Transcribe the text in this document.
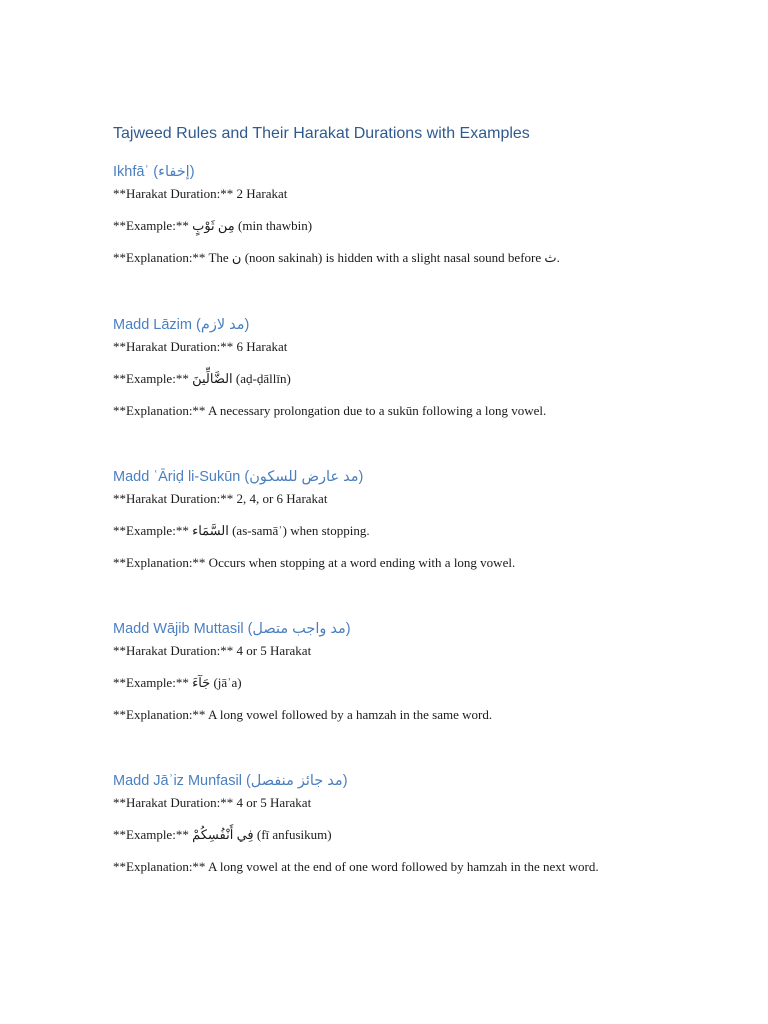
Tajweed Rules and Their Harakat Durations with Examples
Ikhfāʾ (إخفاء)
**Harakat Duration:** 2 Harakat
**Example:** مِن ثَوْبٍ (min thawbin)
**Explanation:** The ن (noon sakinah) is hidden with a slight nasal sound before ث.
Madd Lāzim (مد لازم)
**Harakat Duration:** 6 Harakat
**Example:** الضَّالِّينَ (aḍ-ḍāllīn)
**Explanation:** A necessary prolongation due to a sukūn following a long vowel.
Madd ʿĀriḍ li-Sukūn (مد عارض للسكون)
**Harakat Duration:** 2, 4, or 6 Harakat
**Example:** السَّمَاء (as-samāʾ) when stopping.
**Explanation:** Occurs when stopping at a word ending with a long vowel.
Madd Wājib Muttasil (مد واجب متصل)
**Harakat Duration:** 4 or 5 Harakat
**Example:** جَآءَ (jāʾa)
**Explanation:** A long vowel followed by a hamzah in the same word.
Madd Jāʾiz Munfasil (مد جائز منفصل)
**Harakat Duration:** 4 or 5 Harakat
**Example:** فِي أَنْفُسِكُمْ (fī anfusikum)
**Explanation:** A long vowel at the end of one word followed by hamzah in the next word.
